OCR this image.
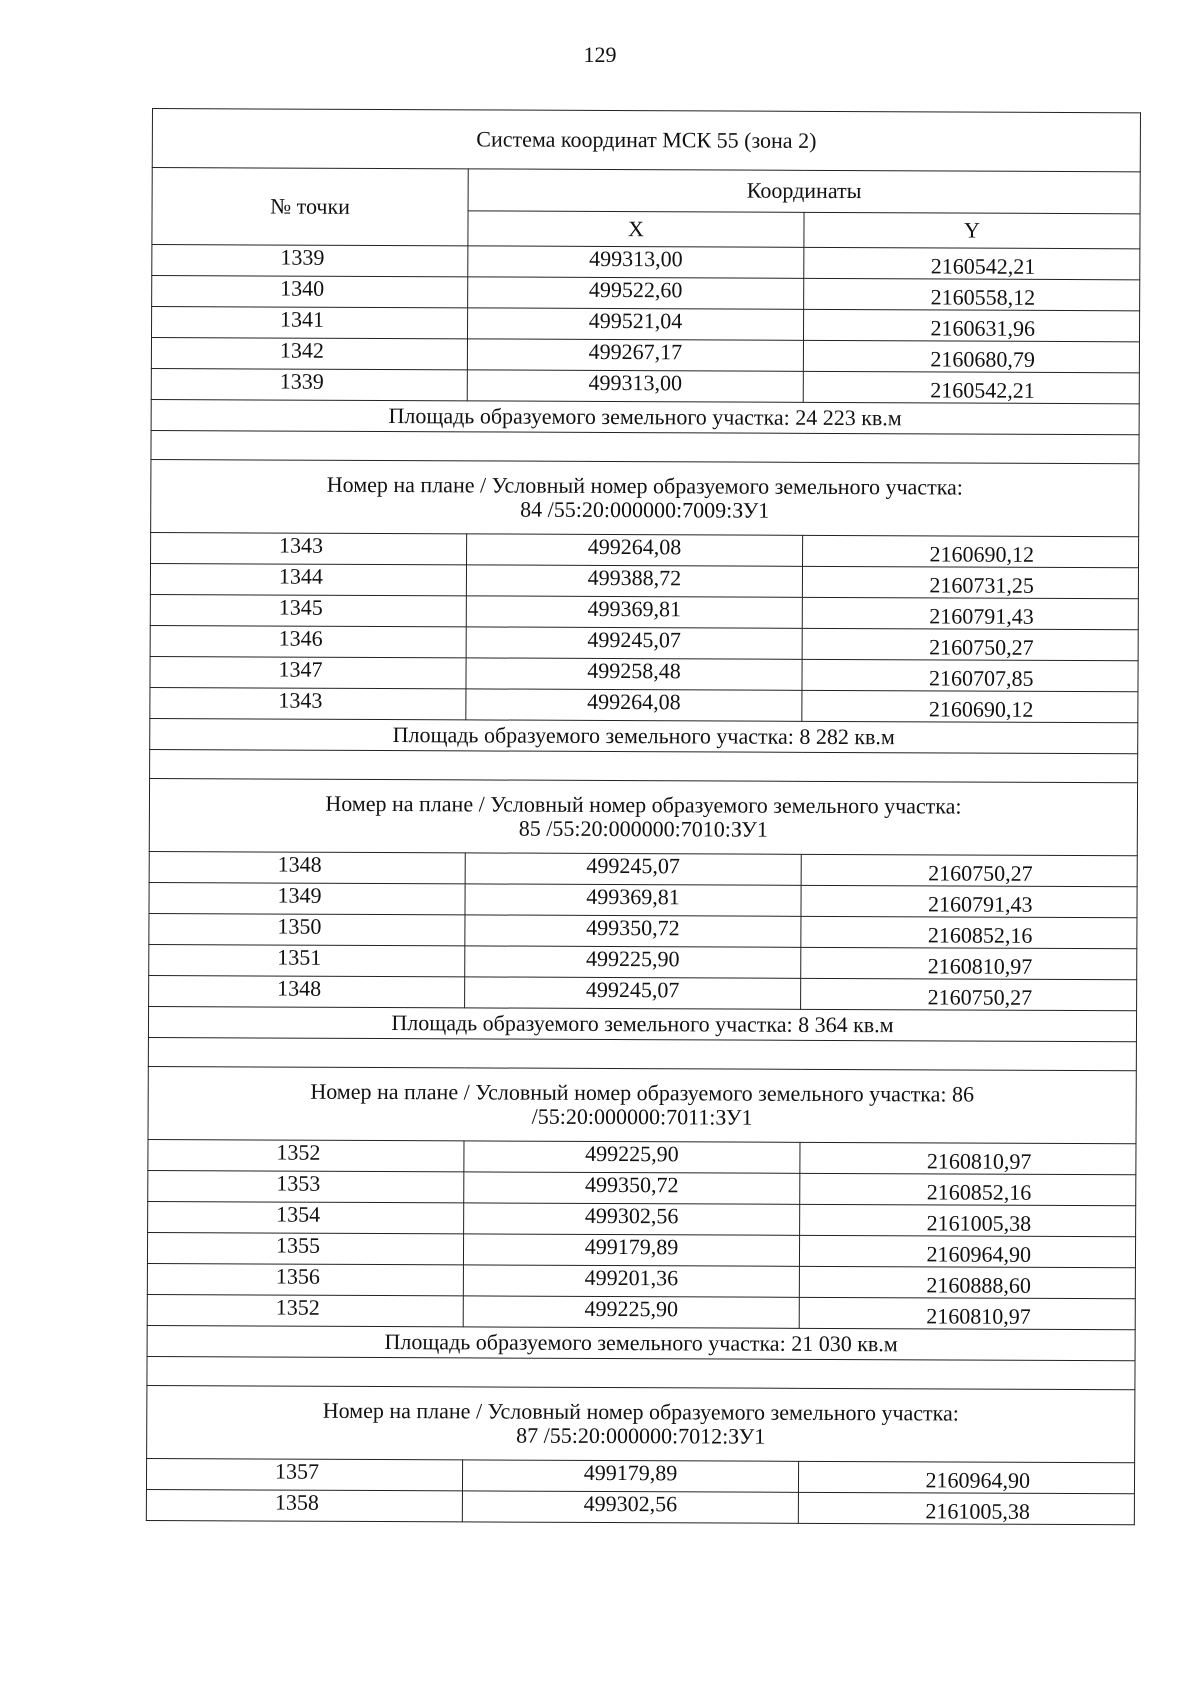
129
Система координат МСК 55 (зона 2)		
№ точки	Координаты	
	X	Y
1339	499313,00	2160542,21
1340	499522,60	2160558,12
1341	499521,04	2160631,96
1342	499267,17	2160680,79
1339	499313,00	2160542,21
Площадь образуемого земельного участка: 24 223 кв.м		

Номер на плане / Условный номер образуемого земельного участка:
84 /55:20:000000:7009:ЗУ1		

1343	499264,08	2160690,12
1344	499388,72	2160731,25
1345	499369,81	2160791,43
1346	499245,07	2160750,27
1347	499258,48	2160707,85
1343	499264,08	2160690,12
Площадь образуемого земельного участка: 8 282 кв.м		

Номер на плане / Условный номер образуемого земельного участка:
85 /55:20:000000:7010:ЗУ1		

1348	499245,07	2160750,27
1349	499369,81	2160791,43
1350	499350,72	2160852,16
1351	499225,90	2160810,97
1348	499245,07	2160750,27
Площадь образуемого земельного участка: 8 364 кв.м		

Номер на плане / Условный номер образуемого земельного участка: 86
/55:20:000000:7011:ЗУ1		

1352	499225,90	2160810,97
1353	499350,72	2160852,16
1354	499302,56	2161005,38
1355	499179,89	2160964,90
1356	499201,36	2160888,60
1352	499225,90	2160810,97
Площадь образуемого земельного участка: 21 030 кв.м		

Номер на плане / Условный номер образуемого земельного участка:
87 /55:20:000000:7012:ЗУ1		

1357	499179,89	2160964,90
1358	499302,56	2161005,38
